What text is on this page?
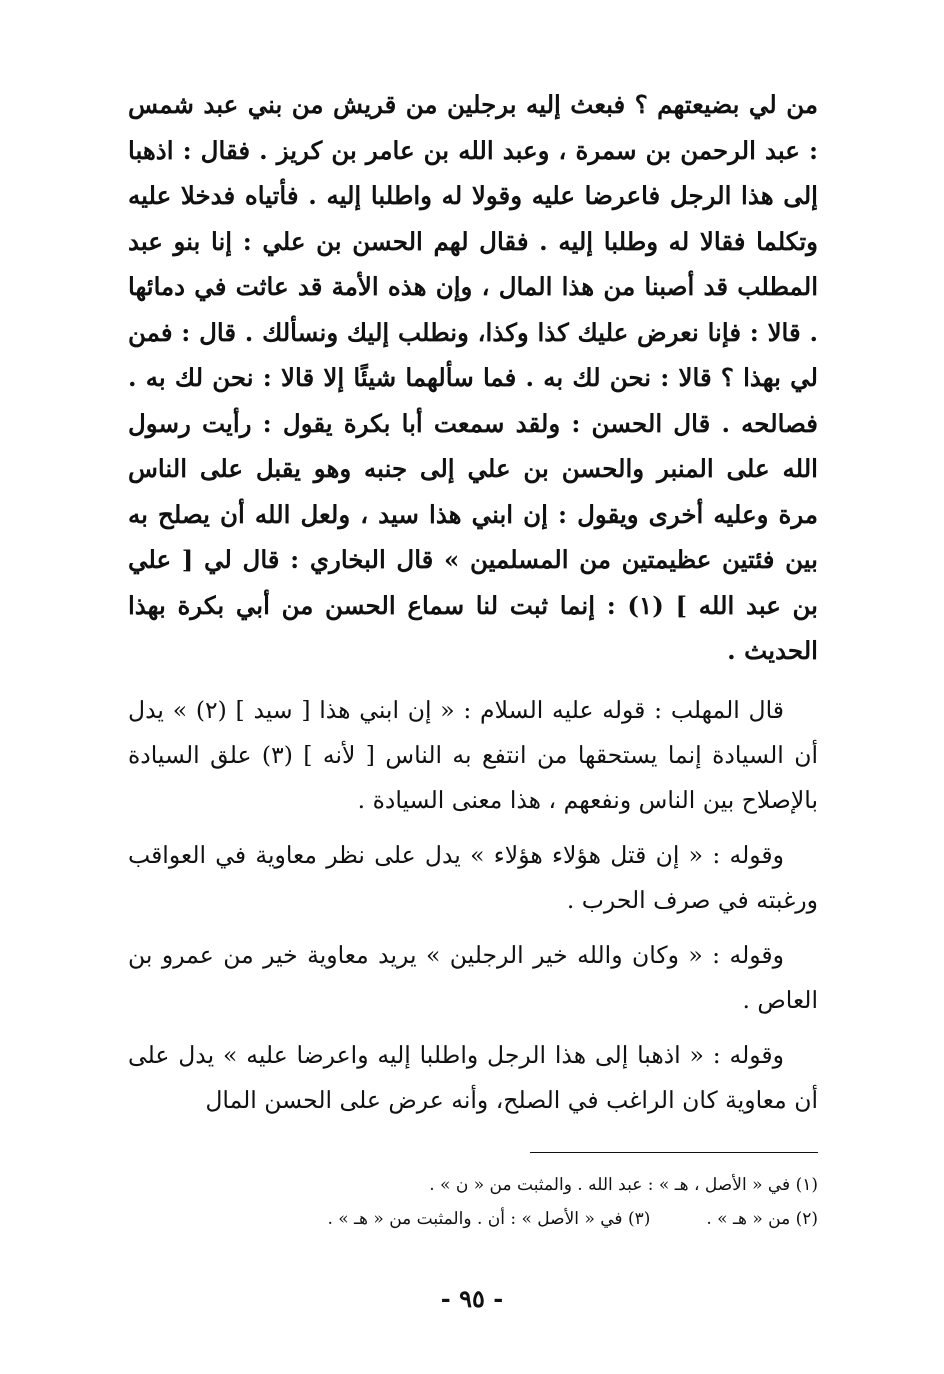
من لي بضيعتهم ؟ فبعث إليه برجلين من قريش من بني عبد شمس : عبد الرحمن بن سمرة ، وعبد الله بن عامر بن كريز . فقال : اذهبا إلى هذا الرجل فاعرضا عليه وقولا له واطلبا إليه . فأتياه فدخلا عليه وتكلما فقالا له وطلبا إليه . فقال لهم الحسن بن علي : إنا بنو عبد المطلب قد أصبنا من هذا المال ، وإن هذه الأمة قد عاثت في دمائها . قالا : فإنا نعرض عليك كذا وكذا، ونطلب إليك ونسألك . قال : فمن لي بهذا ؟ قالا : نحن لك به . فما سألهما شيئًا إلا قالا : نحن لك به . فصالحه . قال الحسن : ولقد سمعت أبا بكرة يقول : رأيت رسول الله على المنبر والحسن بن علي إلى جنبه وهو يقبل على الناس مرة وعليه أخرى ويقول : إن ابني هذا سيد ، ولعل الله أن يصلح به بين فئتين عظيمتين من المسلمين » قال البخاري : قال لي [ علي بن عبد الله ] (١) : إنما ثبت لنا سماع الحسن من أبي بكرة بهذا الحديث .

قال المهلب : قوله عليه السلام : « إن ابني هذا [ سيد ] (٢) » يدل أن السيادة إنما يستحقها من انتفع به الناس [ لأنه ] (٣) علق السيادة بالإصلاح بين الناس ونفعهم ، هذا معنى السيادة .

وقوله : « إن قتل هؤلاء هؤلاء » يدل على نظر معاوية في العواقب ورغبته في صرف الحرب .

وقوله : « وكان والله خير الرجلين » يريد معاوية خير من عمرو بن العاص .

وقوله : « اذهبا إلى هذا الرجل واطلبا إليه واعرضا عليه » يدل على أن معاوية كان الراغب في الصلح، وأنه عرض على الحسن المال

(١) في « الأصل ، هـ » : عبد الله . والمثبت من « ن » .
(٢) من « هـ » .(٣) في « الأصل » : أن . والمثبت من « هـ » .
- ٩٥ -
